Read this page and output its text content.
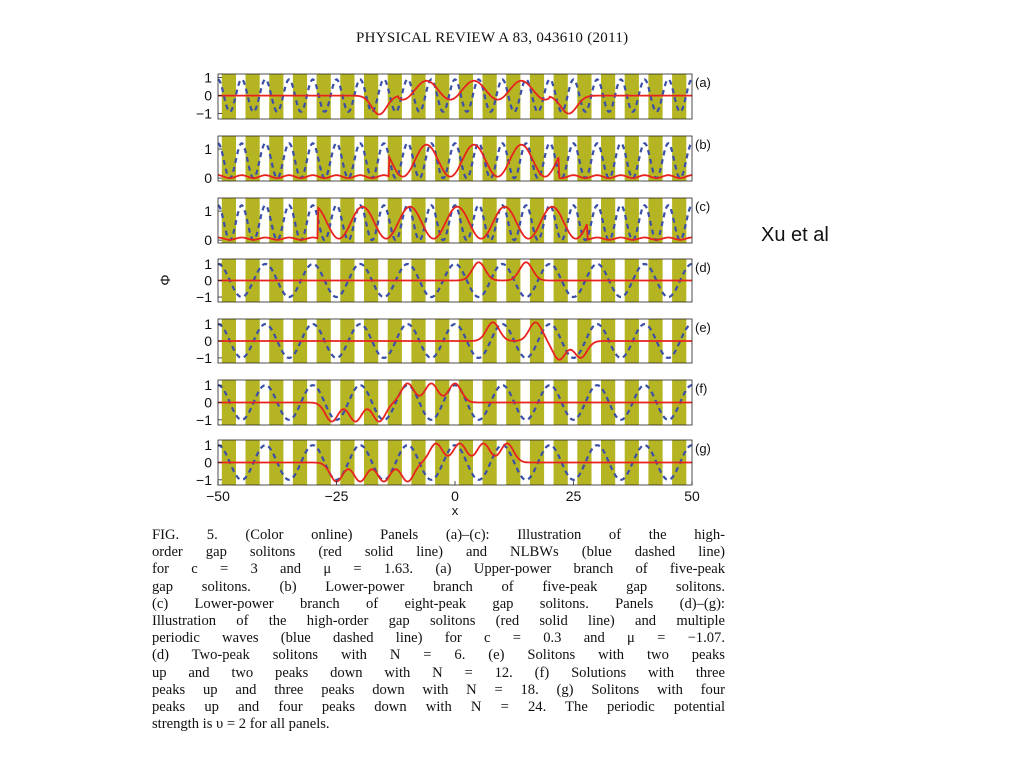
PHYSICAL REVIEW A 83, 043610 (2011)
1
0
−1
(a)
1
0
(b)
1
0
(c)
1
0
−1
(d)
1
0
−1
(e)
1
0
−1
(f)
1
0
−1
(g)
−50	−25	0	25	50
x
Φ
Xu et al
FIG. 5. (Color online) Panels (a)–(c): Illustration of the high-
order gap solitons (red solid line) and NLBWs (blue dashed line)
for c = 3 and μ = 1.63. (a) Upper-power branch of five-peak
gap solitons. (b) Lower-power branch of five-peak gap solitons.
(c) Lower-power branch of eight-peak gap solitons. Panels (d)–(g):
Illustration of the high-order gap solitons (red solid line) and multiple
periodic waves (blue dashed line) for c = 0.3 and μ = −1.07.
(d) Two-peak solitons with N = 6. (e) Solitons with two peaks
up and two peaks down with N = 12. (f) Solutions with three
peaks up and three peaks down with N = 18. (g) Solitons with four
peaks up and four peaks down with N = 24. The periodic potential
strength is υ = 2 for all panels.
